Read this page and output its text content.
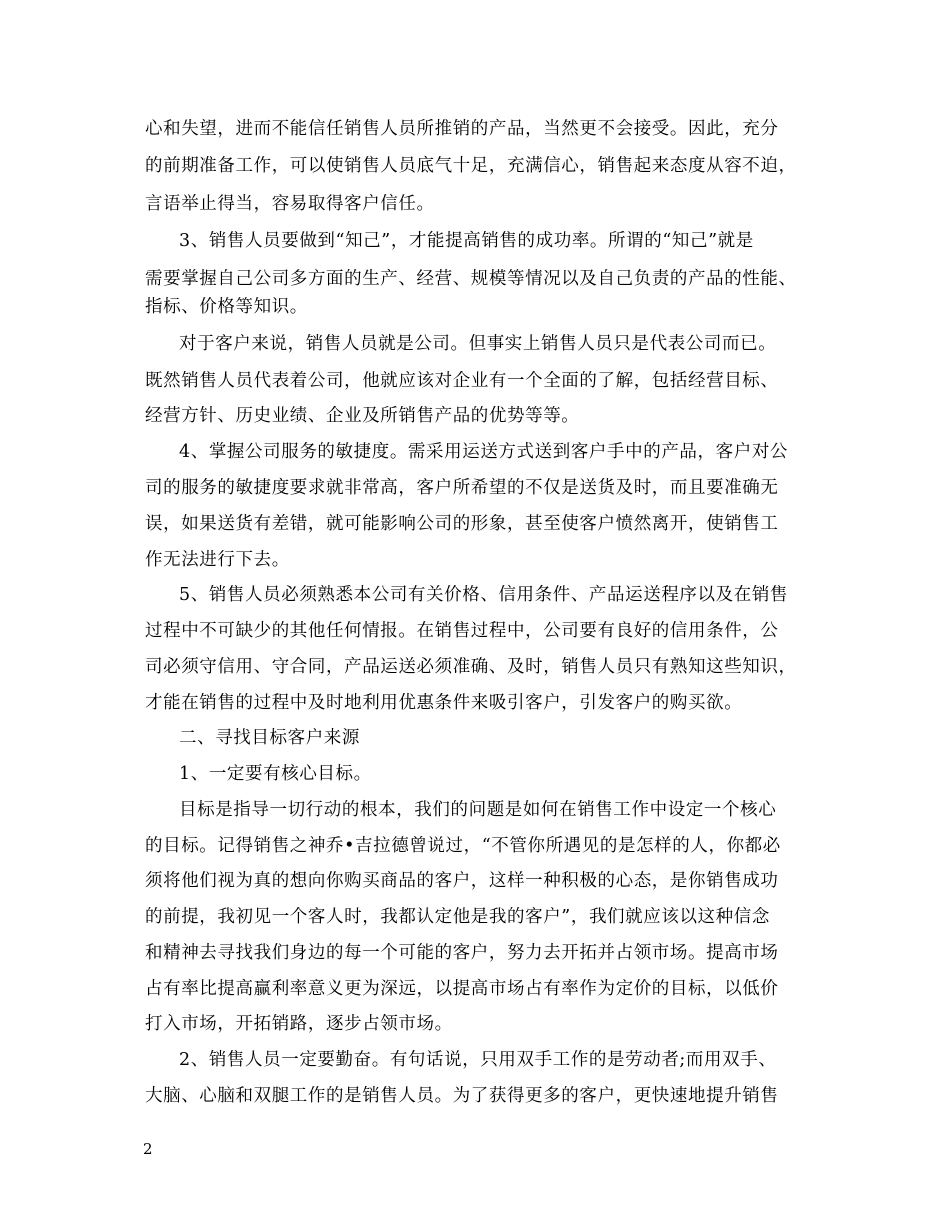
心和失望，进而不能信任销售人员所推销的产品，当然更不会接受。因此，充分
的前期准备工作，可以使销售人员底气十足，充满信心，销售起来态度从容不迫，
言语举止得当，容易取得客户信任。
3、销售人员要做到“知己”，才能提高销售的成功率。所谓的“知己”就是
需要掌握自己公司多方面的生产、经营、规模等情况以及自己负责的产品的性能、
指标、价格等知识。
对于客户来说，销售人员就是公司。但事实上销售人员只是代表公司而已。
既然销售人员代表着公司，他就应该对企业有一个全面的了解，包括经营目标、
经营方针、历史业绩、企业及所销售产品的优势等等。
4、掌握公司服务的敏捷度。需采用运送方式送到客户手中的产品，客户对公
司的服务的敏捷度要求就非常高，客户所希望的不仅是送货及时，而且要准确无
误，如果送货有差错，就可能影响公司的形象，甚至使客户愤然离开，使销售工
作无法进行下去。
5、销售人员必须熟悉本公司有关价格、信用条件、产品运送程序以及在销售
过程中不可缺少的其他任何情报。在销售过程中，公司要有良好的信用条件，公
司必须守信用、守合同，产品运送必须准确、及时，销售人员只有熟知这些知识，
才能在销售的过程中及时地利用优惠条件来吸引客户，引发客户的购买欲。
二、寻找目标客户来源
1、一定要有核心目标。
目标是指导一切行动的根本，我们的问题是如何在销售工作中设定一个核心
的目标。记得销售之神乔•吉拉德曾说过，“不管你所遇见的是怎样的人，你都必
须将他们视为真的想向你购买商品的客户，这样一种积极的心态，是你销售成功
的前提，我初见一个客人时，我都认定他是我的客户”，我们就应该以这种信念
和精神去寻找我们身边的每一个可能的客户，努力去开拓并占领市场。提高市场
占有率比提高赢利率意义更为深远，以提高市场占有率作为定价的目标，以低价
打入市场，开拓销路，逐步占领市场。
2、销售人员一定要勤奋。有句话说，只用双手工作的是劳动者;而用双手、
大脑、心脑和双腿工作的是销售人员。为了获得更多的客户，更快速地提升销售
2
